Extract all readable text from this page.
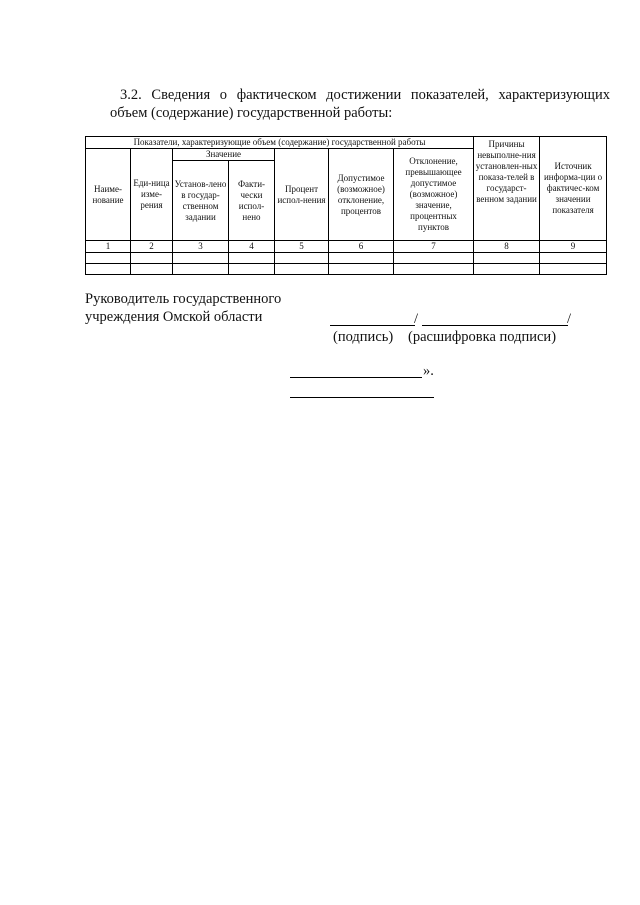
3.2. Сведения о фактическом достижении показателей, характеризующих объем (содержание) государственной работы:
Показатели, характеризующие объем (содержание) государственной работы							Причины невыполне-ния установлен-ных показа-телей в государст-венном задании	Источник информа-ции о фактичес-ком значении показателя
Наиме-нование	Еди-ница изме-рения	Значение		Процент испол-нения	Допустимое (возможное) отклонение, процентов	Отклонение, превышающее допустимое (возможное) значение, процентных пунктов		
		Установ-лено в государ-ственном задании	Факти-чески испол-нено					
1	2	3	4	5	6	7	8	9

Руководитель государственного
учреждения Омской области	/	/
(подпись) (расшифровка подписи)
».
